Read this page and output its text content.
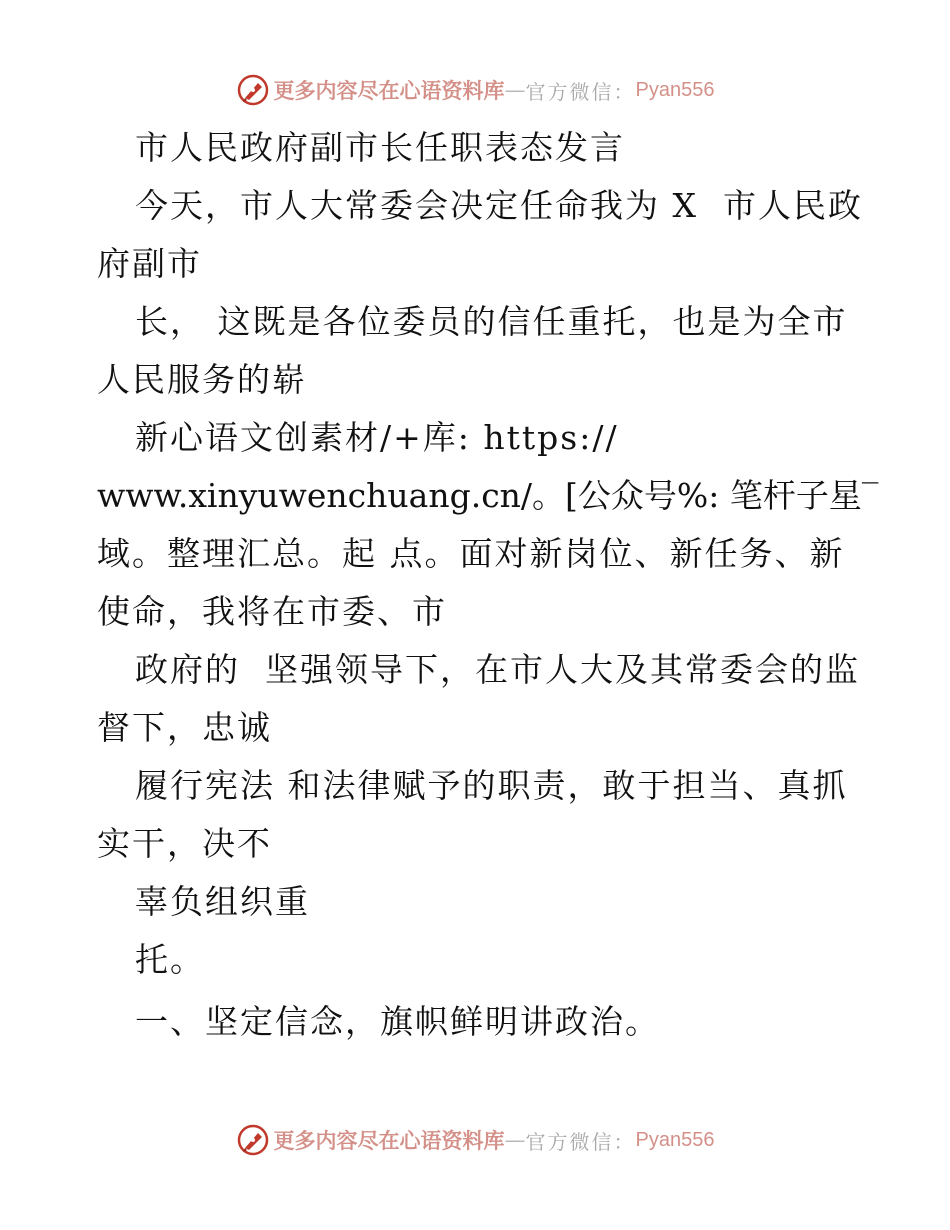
更多内容尽在心语资料库 — 官方微信： Pyan556
市人民政府副市长任职表态发言
今天，市人大常委会决定任命我为 X  市人民政
府副市
长， 这既是各位委员的信任重托，也是为全市
人民服务的崭
新心语文创素材/+库: https://
www.xinyuwenchuang.cn/。[公众号%: 笔杆子星‾
域。整理汇总。起 点。面对新岗位、新任务、新
使命，我将在市委、市
政府的  坚强领导下，在市人大及其常委会的监
督下，忠诚
履行宪法 和法律赋予的职责，敢于担当、真抓
实干，决不
辜负组织重
托。
一、坚定信念，旗帜鲜明讲政治。
更多内容尽在心语资料库 — 官方微信： Pyan556
